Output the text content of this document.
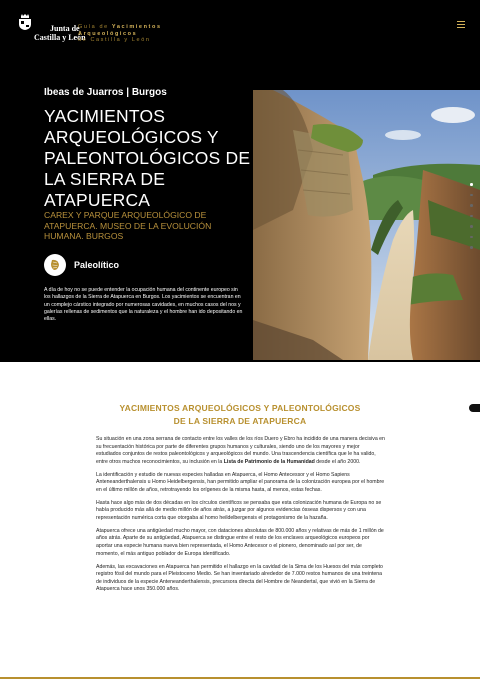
Junta de
Castilla y León
Guía de Yacimientos
Arqueológicos
de Castilla y León
Ibeas de Juarros | Burgos
YACIMIENTOS ARQUEOLÓGICOS Y PALEONTOLÓGICOS DE LA SIERRA DE ATAPUERCA
CAREX Y PARQUE ARQUEOLÓGICO DE ATAPUERCA. MUSEO DE LA EVOLUCIÓN HUMANA. BURGOS
Paleolítico
A día de hoy no se puede entender la ocupación humana del continente europeo sin los hallazgos de la Sierra de Atapuerca en Burgos. Los yacimientos se encuentran en un complejo cárstico integrado por numerosas cavidades, en muchos casos del nos y galerías rellenas de sedimentos que la naturaleza y el hombre han ido depositando en ellas.
YACIMIENTOS ARQUEOLÓGICOS Y PALEONTOLÓGICOS
DE LA SIERRA DE ATAPUERCA

Su situación en una zona serrana de contacto entre los valles de los ríos Duero y Ebro ha incidido de una manera decisiva en su frecuentación histórica por parte de diferentes grupos humanos y culturales, siendo uno de los mayores y mejor estudiados conjuntos de restos paleontológicos y arqueológicos del mundo. Una trascendencia científica que le ha valido, entre otros muchos reconocimientos, su inclusión en la Lista de Patrimonio de la Humanidad desde el año 2000.

La identificación y estudio de nuevas especies halladas en Atapuerca, el Homo Antecessor y el Homo Sapiens Anteneanderthalensis u Homo Heidelbergensis, han permitido ampliar el panorama de la colonización europea por el hombre en el último millón de años, retrotrayendo los orígenes de la misma hasta, al menos, estas fechas.

Hasta hace algo más de dos décadas en los círculos científicos se pensaba que esta colonización humana de Europa no se había producido más allá de medio millón de años atrás, a juzgar por algunos evidencias ósseas dispersos y con una representación numérica corta que otorgaba al homo heildelbergensis el protagonismo de la hazaña.

Atapuerca ofrece una antigüedad mucho mayor, con dataciones absolutas de 800.000 años y relativas de más de 1 millón de años atrás. Aparte de su antigüedad, Atapuerca se distingue entre el resto de los enclaves arqueológicos europeos por aportar una especie humana nueva bien representada, el Homo Antecesor o el pionero, denominado así por ser, de momento, el más antiguo poblador de Europa identificado.

Además, las excavaciones en Atapuerca han permitido el hallazgo en la cavidad de la Sima de los Huesos del más completo registro fósil del mundo para el Pleistoceno Medio. Se han inventariado alrededor de 7.000 restos humanos de una treintena de individuos de la especie Anteneanderthalensis, precursora directa del Hombre de Neandertal, que vivió en la Sierra de Atapuerca hace unos 350.000 años.
